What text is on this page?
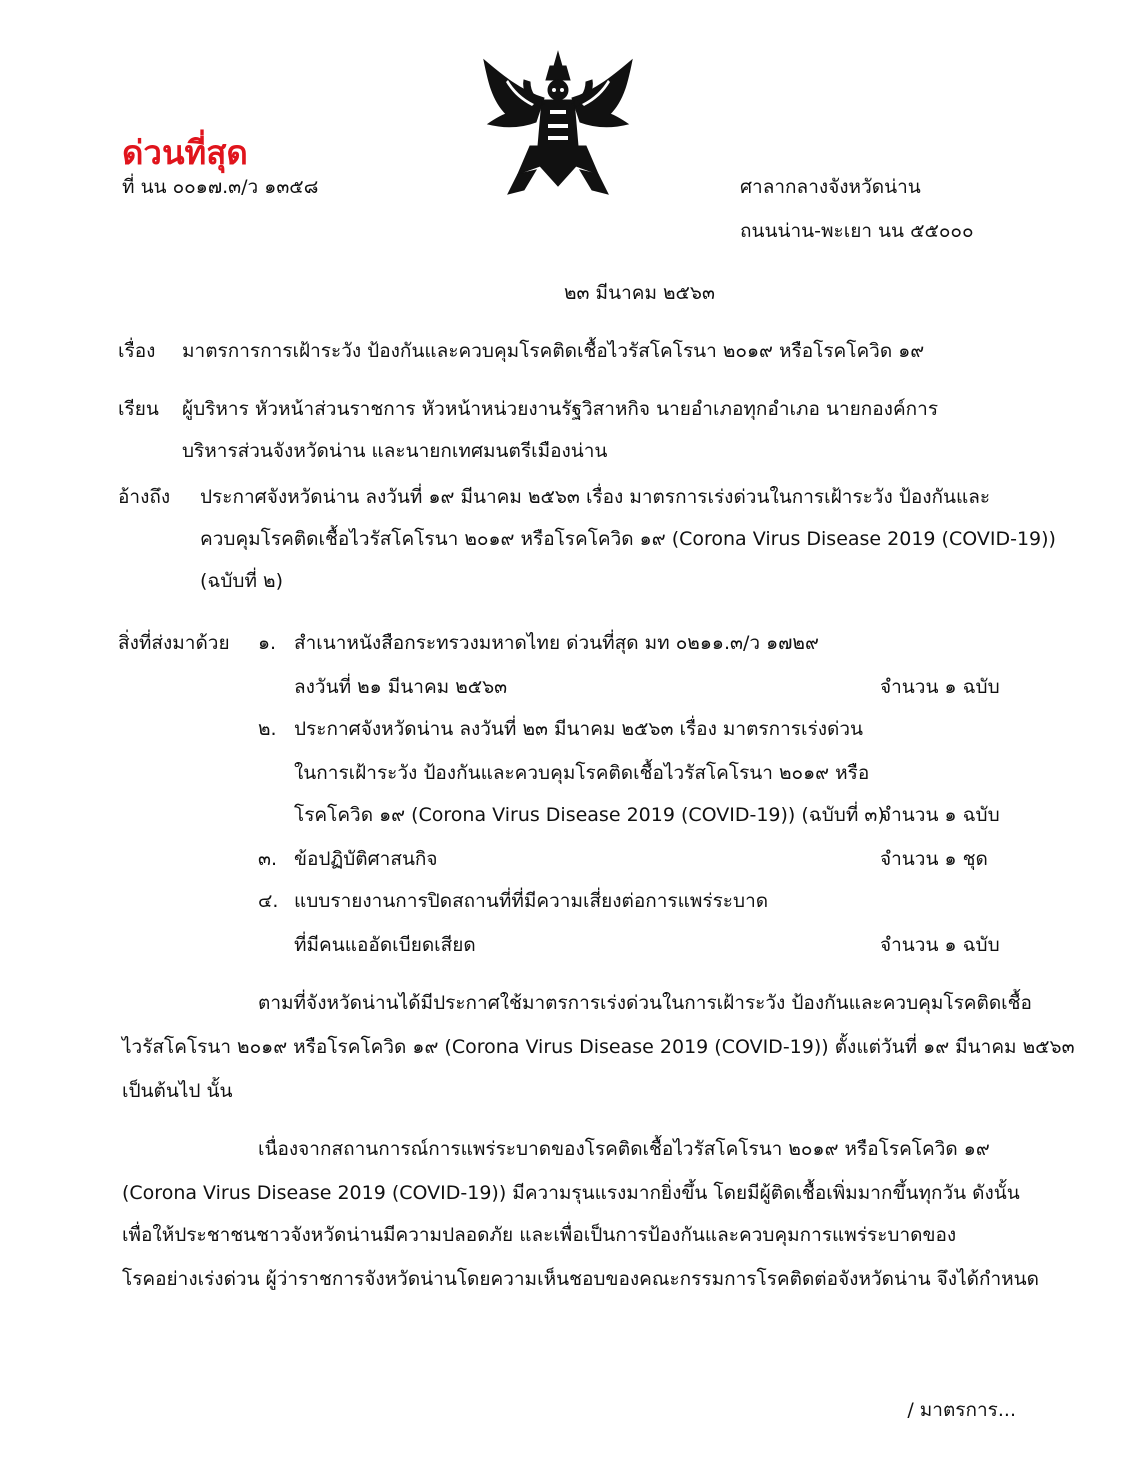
ด่วนที่สุด
ที่ นน ๐๐๑๗.๓/ว ๑๓๕๘	ศาลากลางจังหวัดน่าน
ถนนน่าน-พะเยา นน ๕๕๐๐๐
๒๓ มีนาคม ๒๕๖๓
เรื่อง มาตรการการเฝ้าระวัง ป้องกันและควบคุมโรคติดเชื้อไวรัสโคโรนา ๒๐๑๙ หรือโรคโควิด ๑๙
เรียน ผู้บริหาร หัวหน้าส่วนราชการ หัวหน้าหน่วยงานรัฐวิสาหกิจ นายอำเภอทุกอำเภอ นายกองค์การ
บริหารส่วนจังหวัดน่าน และนายกเทศมนตรีเมืองน่าน
อ้างถึง ประกาศจังหวัดน่าน ลงวันที่ ๑๙ มีนาคม ๒๕๖๓ เรื่อง มาตรการเร่งด่วนในการเฝ้าระวัง ป้องกันและ
ควบคุมโรคติดเชื้อไวรัสโคโรนา ๒๐๑๙ หรือโรคโควิด ๑๙ (Corona Virus Disease 2019 (COVID-19))
(ฉบับที่ ๒)
สิ่งที่ส่งมาด้วย ๑. สำเนาหนังสือกระทรวงมหาดไทย ด่วนที่สุด มท ๐๒๑๑.๓/ว ๑๗๒๙
ลงวันที่ ๒๑ มีนาคม ๒๕๖๓	จำนวน ๑ ฉบับ
๒. ประกาศจังหวัดน่าน ลงวันที่ ๒๓ มีนาคม ๒๕๖๓ เรื่อง มาตรการเร่งด่วน
ในการเฝ้าระวัง ป้องกันและควบคุมโรคติดเชื้อไวรัสโคโรนา ๒๐๑๙ หรือ
โรคโควิด ๑๙ (Corona Virus Disease 2019 (COVID-19)) (ฉบับที่ ๓)
จำนวน ๑ ฉบับ
๓. ข้อปฏิบัติศาสนกิจ	จำนวน ๑ ชุด
๔. แบบรายงานการปิดสถานที่ที่มีความเสี่ยงต่อการแพร่ระบาด
ที่มีคนแออัดเบียดเสียด	จำนวน ๑ ฉบับ
ตามที่จังหวัดน่านได้มีประกาศใช้มาตรการเร่งด่วนในการเฝ้าระวัง ป้องกันและควบคุมโรคติดเชื้อ
ไวรัสโคโรนา ๒๐๑๙ หรือโรคโควิด ๑๙ (Corona Virus Disease 2019 (COVID-19)) ตั้งแต่วันที่ ๑๙ มีนาคม ๒๕๖๓
เป็นต้นไป นั้น
เนื่องจากสถานการณ์การแพร่ระบาดของโรคติดเชื้อไวรัสโคโรนา ๒๐๑๙ หรือโรคโควิด ๑๙
(Corona Virus Disease 2019 (COVID-19)) มีความรุนแรงมากยิ่งขึ้น โดยมีผู้ติดเชื้อเพิ่มมากขึ้นทุกวัน ดังนั้น
เพื่อให้ประชาชนชาวจังหวัดน่านมีความปลอดภัย และเพื่อเป็นการป้องกันและควบคุมการแพร่ระบาดของ
โรคอย่างเร่งด่วน ผู้ว่าราชการจังหวัดน่านโดยความเห็นชอบของคณะกรรมการโรคติดต่อจังหวัดน่าน จึงได้กำหนด
/ มาตรการ...
